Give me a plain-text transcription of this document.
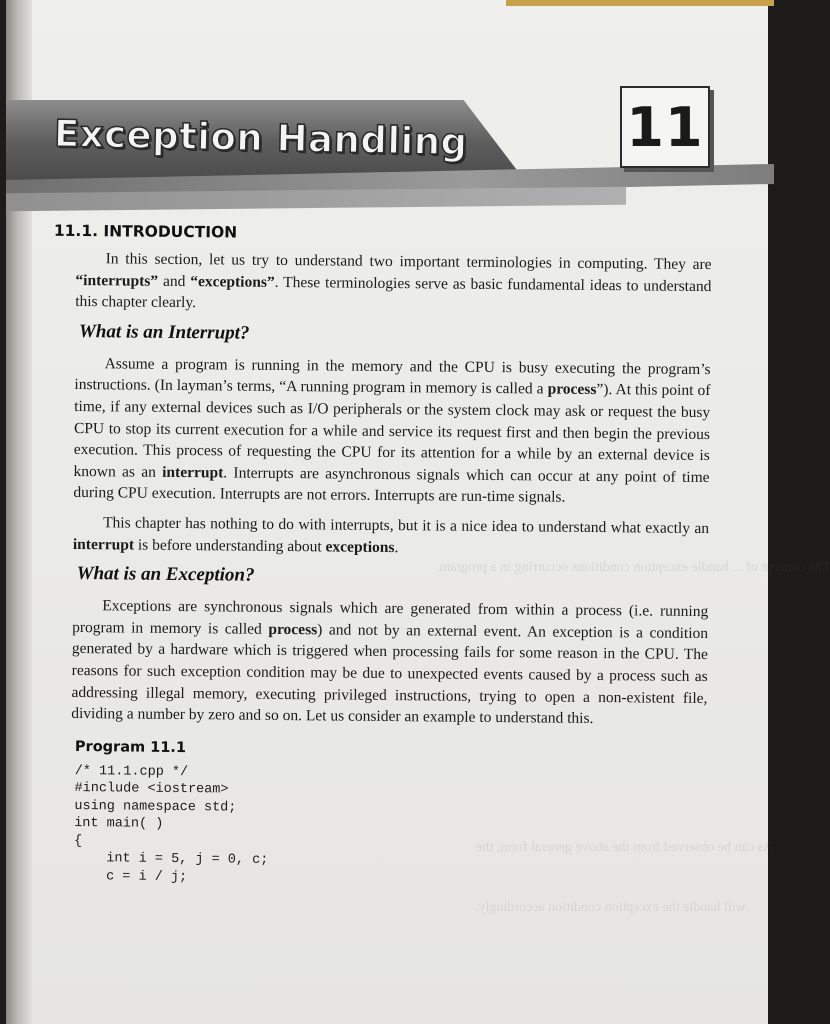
The concept of ... handle exception conditions occurring in a program.
As can be observed from the above general form, the
will handle the exception condition accordingly.
Exception Handling	11
11.1. INTRODUCTION

In this section, let us try to understand two important terminologies in computing. They are “interrupts” and “exceptions”. These terminologies serve as basic fundamental ideas to understand this chapter clearly.

What is an Interrupt?

Assume a program is running in the memory and the CPU is busy executing the program’s instructions. (In layman’s terms, “A running program in memory is called a process”). At this point of time, if any external devices such as I/O peripherals or the system clock may ask or request the busy CPU to stop its current execution for a while and service its request first and then begin the previous execution. This process of requesting the CPU for its attention for a while by an external device is known as an interrupt. Interrupts are asynchronous signals which can occur at any point of time during CPU execution. Interrupts are not errors. Interrupts are run-time signals.

This chapter has nothing to do with interrupts, but it is a nice idea to understand what exactly an interrupt is before understanding about exceptions.

What is an Exception?

Exceptions are synchronous signals which are generated from within a process (i.e. running program in memory is called process) and not by an external event. An exception is a condition generated by a hardware which is triggered when processing fails for some reason in the CPU. The reasons for such exception condition may be due to unexpected events caused by a process such as addressing illegal memory, executing privileged instructions, trying to open a non-existent file, dividing a number by zero and so on. Let us consider an example to understand this.

Program 11.1
/* 11.1.cpp */
#include <iostream>
using namespace std;
int main( )
{
int i = 5, j = 0, c;
c = i / j;
